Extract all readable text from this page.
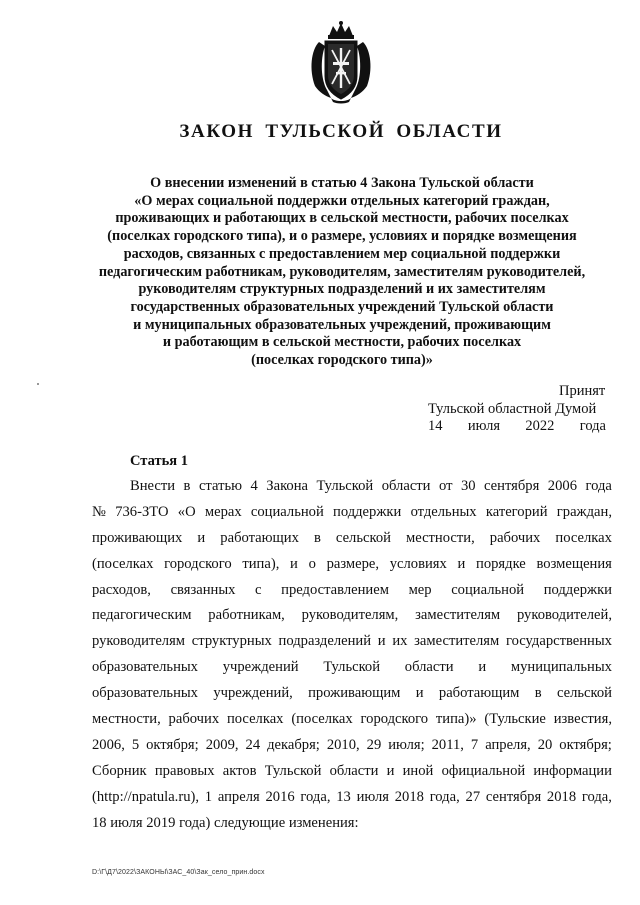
ЗАКОН ТУЛЬСКОЙ ОБЛАСТИ
О внесении изменений в статью 4 Закона Тульской области
«О мерах социальной поддержки отдельных категорий граждан,
проживающих и работающих в сельской местности, рабочих поселках
(поселках городского типа), и о размере, условиях и порядке возмещения
расходов, связанных с предоставлением мер социальной поддержки
педагогическим работникам, руководителям, заместителям руководителей,
руководителям структурных подразделений и их заместителям
государственных образовательных учреждений Тульской области
и муниципальных образовательных учреждений, проживающим
и работающим в сельской местности, рабочих поселках
(поселках городского типа)»
Принят
Тульской областной Думой
14 июля 2022 года
Статья 1
Внести в статью 4 Закона Тульской области от 30 сентября 2006 года
№ 736-ЗТО «О мерах социальной поддержки отдельных категорий граждан,
проживающих и работающих в сельской местности, рабочих поселках
(поселках городского типа), и о размере, условиях и порядке возмещения
расходов, связанных с предоставлением мер социальной поддержки
педагогическим работникам, руководителям, заместителям руководителей,
руководителям структурных подразделений и их заместителям государственных
образовательных учреждений Тульской области и муниципальных
образовательных учреждений, проживающим и работающим в сельской
местности, рабочих поселках (поселках городского типа)» (Тульские известия,
2006, 5 октября; 2009, 24 декабря; 2010, 29 июля; 2011, 7 апреля, 20 октября;
Сборник правовых актов Тульской области и иной официальной информации
(http://npatula.ru), 1 апреля 2016 года, 13 июля 2018 года, 27 сентября 2018 года,
18 июля 2019 года) следующие изменения:
D:\Г\Д7\2022\ЗАКОНЫ\ЗАС_40\Зак_село_прин.docx
